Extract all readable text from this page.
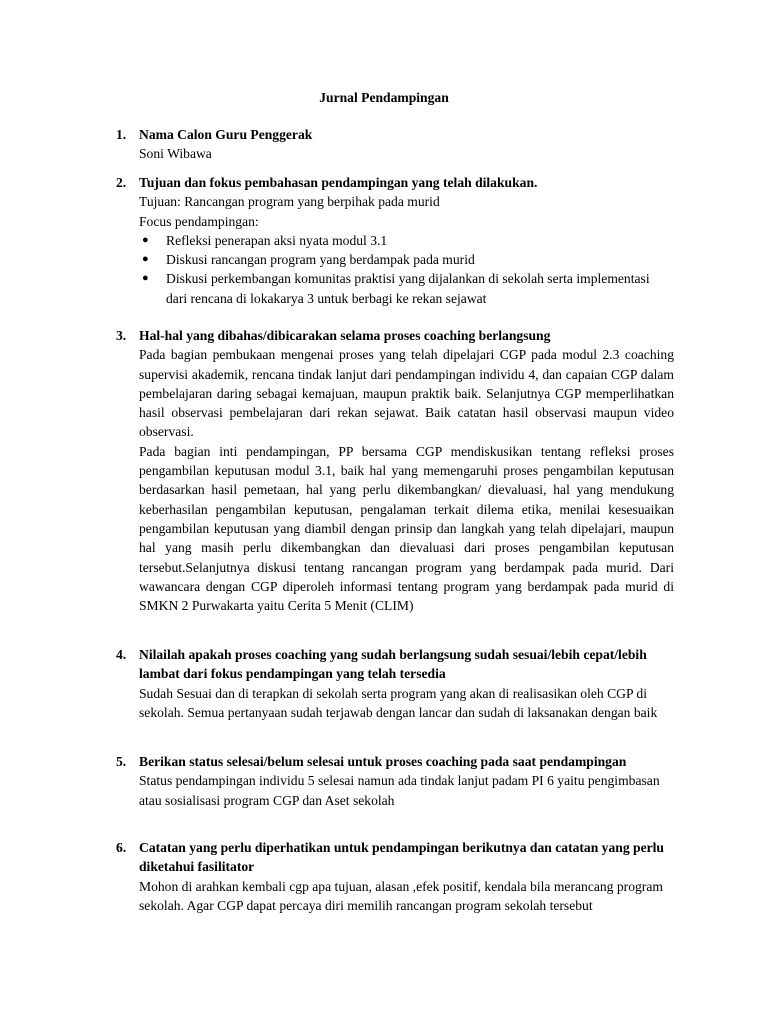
Jurnal Pendampingan
1. Nama Calon Guru Penggerak
Soni Wibawa
2. Tujuan dan fokus pembahasan pendampingan yang telah dilakukan.
Tujuan: Rancangan program yang berpihak pada murid
Focus pendampingan:
● Refleksi penerapan aksi nyata modul 3.1
● Diskusi rancangan program yang berdampak pada murid
● Diskusi perkembangan komunitas praktisi yang dijalankan di sekolah serta implementasi dari rencana di lokakarya 3 untuk berbagi ke rekan sejawat
3. Hal-hal yang dibahas/dibicarakan selama proses coaching berlangsung
Pada bagian pembukaan mengenai proses yang telah dipelajari CGP pada modul 2.3 coaching supervisi akademik, rencana tindak lanjut dari pendampingan individu 4, dan capaian CGP dalam pembelajaran daring sebagai kemajuan, maupun praktik baik. Selanjutnya CGP memperlihatkan hasil observasi pembelajaran dari rekan sejawat. Baik catatan hasil observasi maupun video observasi.
Pada bagian inti pendampingan, PP bersama CGP mendiskusikan tentang refleksi proses pengambilan keputusan modul 3.1, baik hal yang memengaruhi proses pengambilan keputusan berdasarkan hasil pemetaan, hal yang perlu dikembangkan/ dievaluasi, hal yang mendukung keberhasilan pengambilan keputusan, pengalaman terkait dilema etika, menilai kesesuaikan pengambilan keputusan yang diambil dengan prinsip dan langkah yang telah dipelajari, maupun hal yang masih perlu dikembangkan dan dievaluasi dari proses pengambilan keputusan tersebut.Selanjutnya diskusi tentang rancangan program yang berdampak pada murid. Dari wawancara dengan CGP diperoleh informasi tentang program yang berdampak pada murid di SMKN 2 Purwakarta yaitu Cerita 5 Menit (CLIM)
4. Nilailah apakah proses coaching yang sudah berlangsung sudah sesuai/lebih cepat/lebih lambat dari fokus pendampingan yang telah tersedia
Sudah Sesuai dan di terapkan di sekolah serta program yang akan di realisasikan oleh CGP di sekolah. Semua pertanyaan sudah terjawab dengan lancar dan sudah di laksanakan dengan baik
5. Berikan status selesai/belum selesai untuk proses coaching pada saat pendampingan
Status pendampingan individu 5 selesai namun ada tindak lanjut padam PI 6 yaitu pengimbasan atau sosialisasi program CGP dan Aset sekolah
6. Catatan yang perlu diperhatikan untuk pendampingan berikutnya dan catatan yang perlu diketahui fasilitator
Mohon di arahkan kembali cgp apa tujuan, alasan ,efek positif, kendala bila merancang program sekolah. Agar CGP dapat percaya diri memilih rancangan program sekolah tersebut
